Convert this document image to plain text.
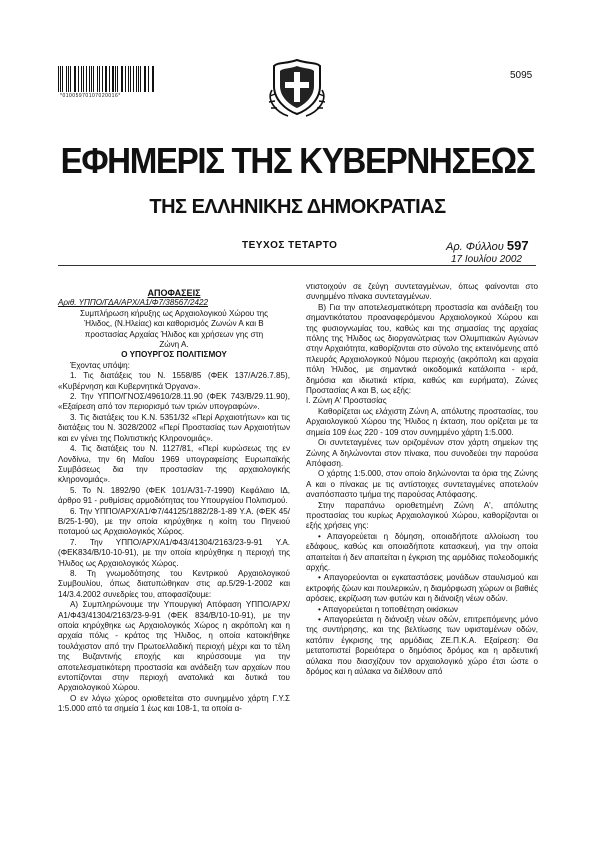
*01005970107020016*
5095
ΕΦΗΜΕΡΙΣ ΤΗΣ ΚΥΒΕΡΝΗΣΕΩΣ
ΤΗΣ ΕΛΛΗΝΙΚΗΣ ΔΗΜΟΚΡΑΤΙΑΣ
ΤΕΥΧΟΣ ΤΕΤΑΡΤΟ	Αρ. Φύλλου 597
17 Ιουλίου 2002

ΑΠΟΦΑΣΕΙΣ

Αριθ. ΥΠΠΟ/ΓΔΑ/ΑΡΧ/Α1/Φ7/38567/2422

Συμπλήρωση κήρυξης ως Αρχαιολογικού Χώρου της Ήλιδος, (Ν.Ηλείας) και καθορισμός Ζωνών Α και Β προστασίας Αρχαίας Ήλιδος και χρήσεων γης στη Ζώνη Α.

Ο ΥΠΟΥΡΓΟΣ ΠΟΛΙΤΙΣΜΟΥ

Έχοντας υπόψη:

1. Τις διατάξεις του Ν. 1558/85 (ΦΕΚ 137/Α/26.7.85), «Κυβέρνηση και Κυβερνητικά Όργανα».

2. Την ΥΠΠΟ/ΓΝΟΣ/49610/28.11.90 (ΦΕΚ 743/Β/29.11.90), «Εξαίρεση από τον περιορισμό των τριών υπογραφών».

3. Τις διατάξεις του Κ.Ν. 5351/32 «Περί Αρχαιοτήτων» και τις διατάξεις του Ν. 3028/2002 «Περί Προστασίας των Αρχαιοτήτων και εν γένει της Πολιτιστικής Κληρονομιάς».

4. Τις διατάξεις του Ν. 1127/81, «Περί κυρώσεως της εν Λονδίνω, την 6η Μαΐου 1969 υπογραφείσης Ευρωπαϊκής Συμβάσεως δια την προστασίαν της αρχαιολογικής κληρονομιάς».

5. Το Ν. 1892/90 (ΦΕΚ 101/Α/31-7-1990) Κεφάλαιο ΙΔ, άρθρο 91 - ρυθμίσεις αρμοδιότητας του Υπουργείου Πολιτισμού.

6. Την ΥΠΠΟ/ΑΡΧ/Α1/Φ7/44125/1882/28-1-89 Υ.Α. (ΦΕΚ 45/Β/25-1-90), με την οποία κηρύχθηκε η κοίτη του Πηνειού ποταμού ως Αρχαιολογικός Χώρος.

7. Την ΥΠΠΟ/ΑΡΧ/Α1/Φ43/41304/2163/23-9-91 Υ.Α. (ΦΕΚ834/Β/10-10-91), με την οποία κηρύχθηκε η περιοχή της Ήλιδος ως Αρχαιολογικός Χώρος.

8. Τη γνωμοδότησης του Κεντρικού Αρχαιολογικού Συμβουλίου, όπως διατυπώθηκαν στις αρ.5/29-1-2002 και 14/3.4.2002 συνεδρίες του, αποφασίζουμε:

Α) Συμπληρώνουμε την Υπουργική Απόφαση ΥΠΠΟ/ΑΡΧ/Α1/Φ43/41304/2163/23-9-91 (ΦΕΚ 834/Β/10-10-91), με την οποία κηρύχθηκε ως Αρχαιολογικός Χώρος η ακρόπολη και η αρχαία πόλις - κράτος της Ήλιδος, η οποία κατοικήθηκε τουλάχιστον από την Πρωτοελλαδική περιοχή μέχρι και το τέλη της Βυζαντινής εποχής και κηρύσσουμε για την αποτελεσματικότερη προστασία και ανάδειξη των αρχαίων που εντοπίζονται στην περιοχή ανατολικά και δυτικά του Αρχαιολογικού Χώρου.

Ο εν λόγω χώρος οριοθετείται στο συνημμένο χάρτη Γ.Υ.Σ 1:5.000 από τα σημεία 1 έως και 108-1, τα οποία α-

ντιστοιχούν σε ζεύγη συντεταγμένων, όπως φαίνονται στο συνημμένο πίνακα συντεταγμένων.

Β) Για την αποτελεσματικότερη προστασία και ανάδειξη του σημαντικότατου προαναφερόμενου Αρχαιολογικού Χώρου και της φυσιογνωμίας του, καθώς και της σημασίας της αρχαίας πόλης της Ήλιδος ως διοργανώτριας των Ολυμπιακών Αγώνων στην Αρχαιότητα, καθορίζονται στο σύνολο της εκτεινόμενης από πλευράς Αρχαιολογικού Νόμου περιοχής (ακρόπολη και αρχαία πόλη Ήλιδος, με σημαντικά οικοδομικά κατάλοιπα - ιερά, δημόσια και ιδιωτικά κτίρια, καθώς και ευρήματα), Ζώνες Προστασίας Α και Β, ως εξής:

Ι. Ζώνη Α' Προστασίας

Καθορίζεται ως ελάχιστη Ζώνη Α, απόλυτης προστασίας, του Αρχαιολογικού Χώρου της Ήλιδος η έκταση, που ορίζεται με τα σημεία 109 έως 220 - 109 στον συνημμένο χάρτη 1:5.000.

Οι συντεταγμένες των οριζομένων στον χάρτη σημείων της Ζώνης Α δηλώνονται στον πίνακα, που συνοδεύει την παρούσα Απόφαση.

Ο χάρτης 1:5.000, στον οποίο δηλώνονται τα όρια της Ζώνης Α και ο πίνακας με τις αντίστοιχες συντεταγμένες αποτελούν αναπόσπαστο τμήμα της παρούσας Απόφασης.

Στην παραπάνω οριοθετημένη Ζώνη Α', απόλυτης προστασίας του κυρίως Αρχαιολογικού Χώρου, καθορίζονται οι εξής χρήσεις γης:

• Απαγορεύεται η δόμηση, οποιαδήποτε αλλοίωση του εδάφους, καθώς και οποιαδήποτε κατασκευή, για την οποία απαιτείται ή δεν απαιτείται η έγκριση της αρμόδιας πολεοδομικής αρχής.

• Απαγορεύονται οι εγκαταστάσεις μονάδων σταυλισμού και εκτροφής ζώων και πουλερικών, η διαμόρφωση χώρων οι βαθιές αρόσεις, εκρίζωση των φυτών και η διάνοιξη νέων οδών.

• Απαγορεύεται η τοποθέτηση οικίσκων

• Απαγορεύεται η διάνοιξη νέων οδών, επιτρεπόμενης μόνο της συντήρησης, και της βελτίωσης των υφισταμένων οδών, κατόπιν έγκρισης της αρμόδιας ΖΕ.Π.Κ.Α. Εξαίρεση: Θα μετατοπιστεί βορειότερα ο δημόσιος δρόμος και η αρδευτική αύλακα που διασχίζουν τον αρχαιολογικό χώρο έτσι ώστε ο δρόμος και η αύλακα να διέλθουν από
